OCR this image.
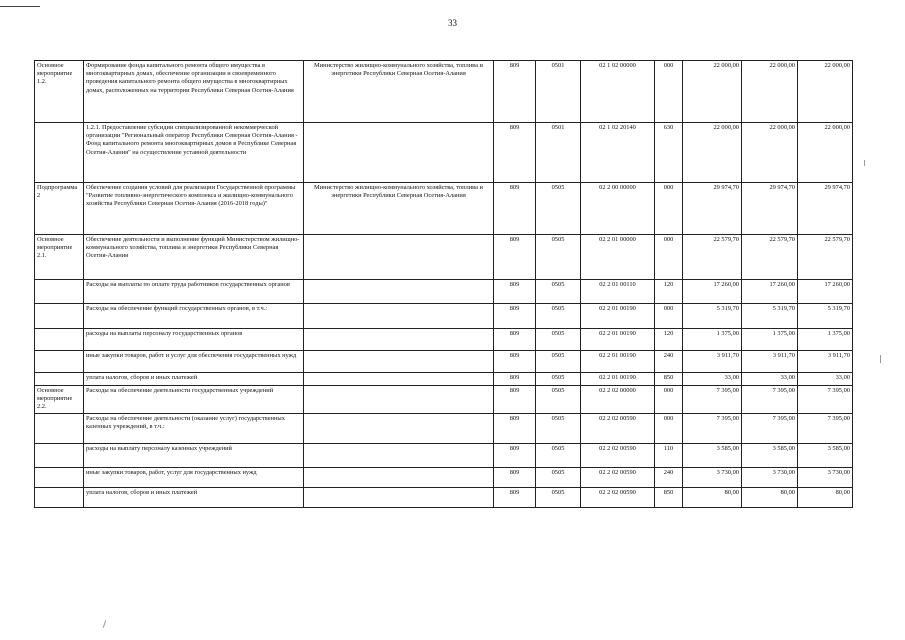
33
Основное мероприятие 1.2.	Формирование фонда капитального ремонта общего имущества в многоквартирных домах, обеспечение организации и своевременного проведения капитального ремонта общего имущества в многоквартирных домах, расположенных на территории Республики Северная Осетия-Алания	Министерство жилищно-коммунального хозяйства, топлива и энергетики Республики Северная Осетия-Алания	809	0501	02 1 02 00000	000	22 000,00	22 000,00	22 000,00
	1.2.1. Предоставление субсидии специализированной некоммерческой организации "Региональный оператор Республики Северная Осетия-Алания - Фонд капитального ремонта многоквартирных домов в Республике Северная Осетия-Алания" на осуществление уставной деятельности		809	0501	02 1 02 20140	630	22 000,00	22 000,00	22 000,00
Подпрограмма 2	Обеспечение создания условий для реализации Государственной программы "Развитие топливно-энергетического комплекса и жилищно-коммунального хозяйства Республики Северная Осетия-Алания (2016-2018 годы)"	Министерство жилищно-коммунального хозяйства, топлива и энергетики Республики Северная Осетия-Алания	809	0505	02 2 00 00000	000	29 974,70	29 974,70	29 974,70
Основное мероприятие 2.1.	Обеспечение деятельности и выполнение функций Министерством жилищно-коммунального хозяйства, топлива и энергетики Республики Северная Осетия-Алания		809	0505	02 2 01 00000	000	22 579,70	22 579,70	22 579,70
	Расходы на выплаты по оплате труда работников государственных органов		809	0505	02 2 01 00110	120	17 260,00	17 260,00	17 260,00
	Расходы на обеспечение функций государственных органов, в т.ч.:		809	0505	02 2 01 00190	000	5 319,70	5 319,70	5 319,70
	расходы на выплаты персоналу государственных органов		809	0505	02 2 01 00190	120	1 375,00	1 375,00	1 375,00
	иные закупки товаров, работ и услуг для обеспечения государственных нужд		809	0505	02 2 01 00190	240	3 911,70	3 911,70	3 911,70
	уплата налогов, сборов и иных платежей		809	0505	02 2 01 00190	850	33,00	33,00	33,00
Основное мероприятие 2.2.	Расходы на обеспечение деятельности государственных учреждений		809	0505	02 2 02 00000	000	7 395,00	7 395,00	7 395,00
	Расходы на обеспечение деятельности (оказание услуг) государственных казенных учреждений, в т.ч.:		809	0505	02 2 02 00590	000	7 395,00	7 395,00	7 395,00
	расходы на выплату персоналу казенных учреждений		809	0505	02 2 02 00590	110	3 585,00	3 585,00	3 585,00
	иные закупки товаров, работ, услуг для государственных нужд		809	0505	02 2 02 00590	240	3 730,00	3 730,00	3 730,00
	уплата налогов, сборов и иных платежей		809	0505	02 2 02 00590	850	80,00	80,00	80,00
